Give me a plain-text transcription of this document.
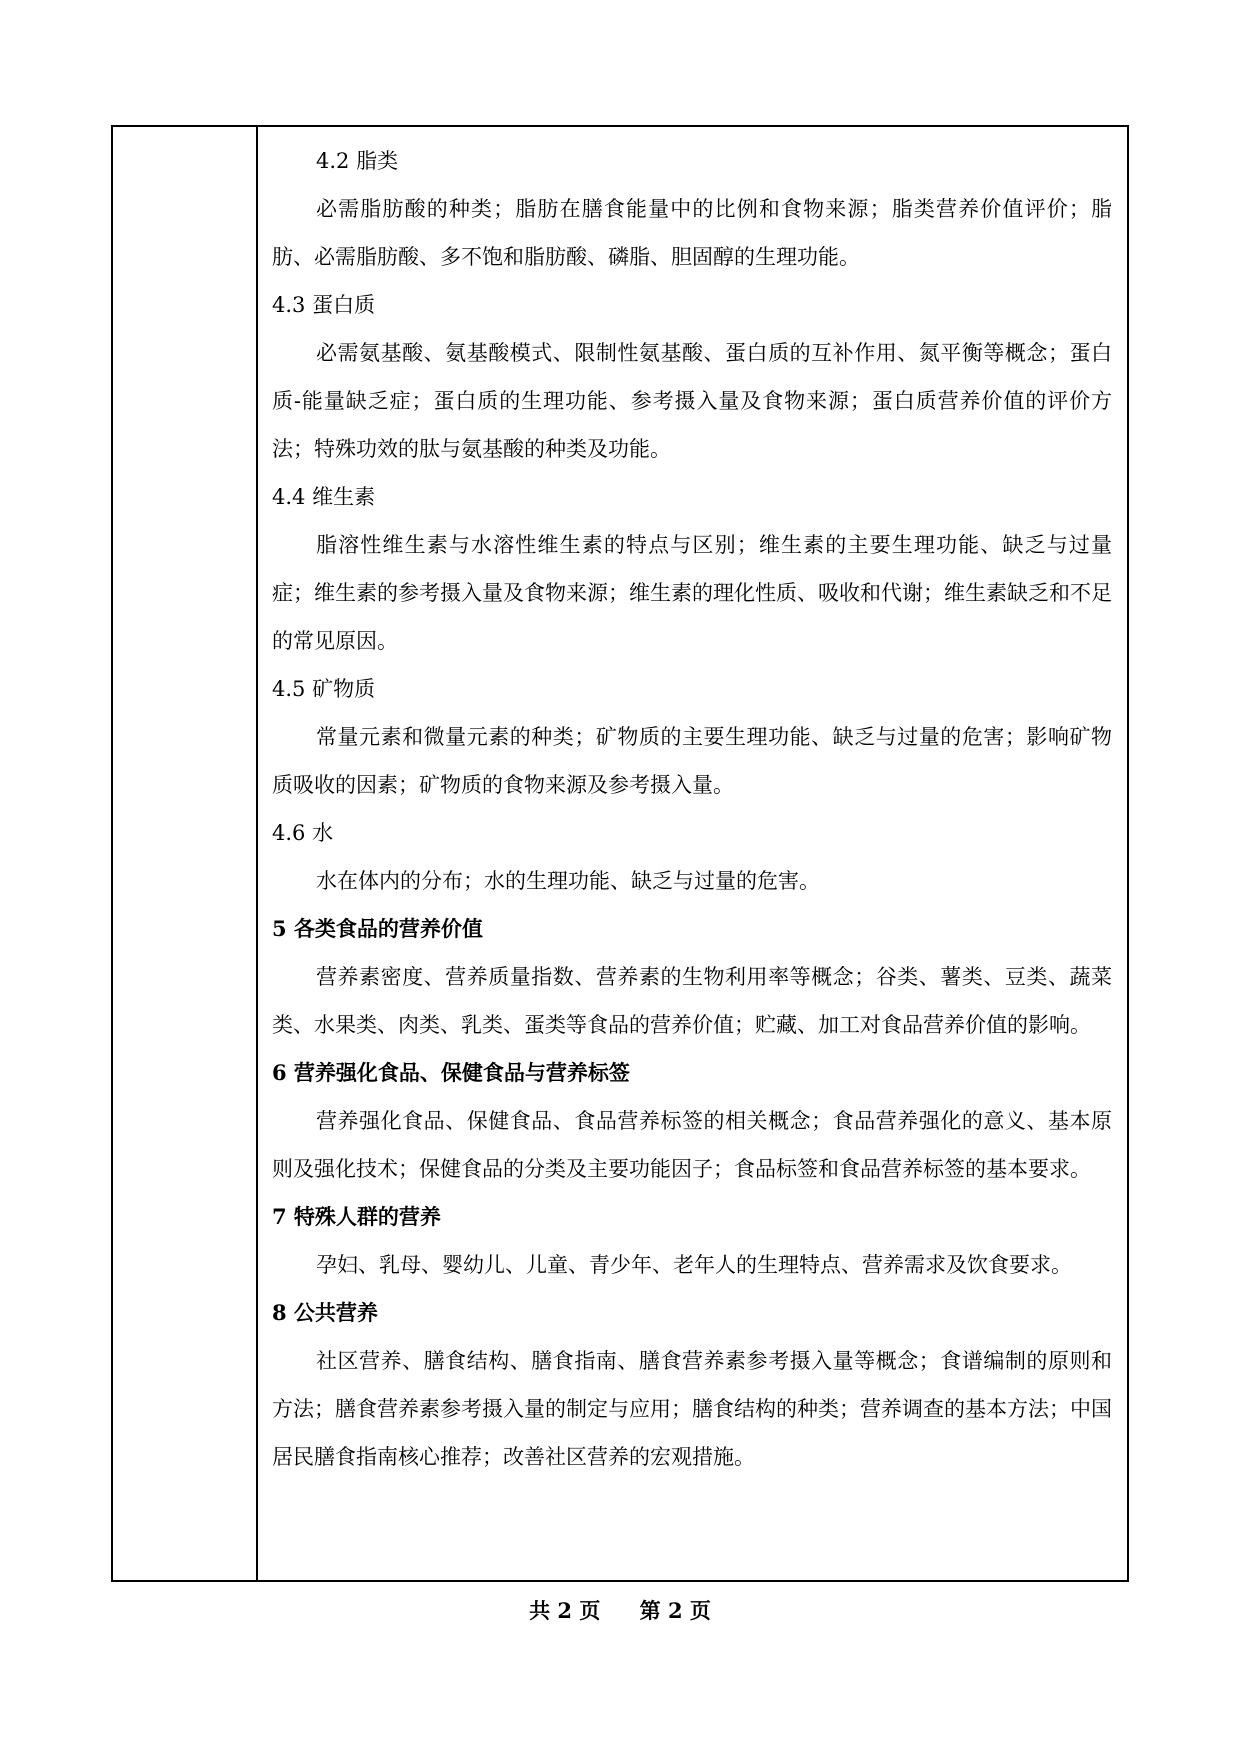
4.2 脂类

必需脂肪酸的种类；脂肪在膳食能量中的比例和食物来源；脂类营养价值评价；脂肪、必需脂肪酸、多不饱和脂肪酸、磷脂、胆固醇的生理功能。

4.3 蛋白质

必需氨基酸、氨基酸模式、限制性氨基酸、蛋白质的互补作用、氮平衡等概念；蛋白质-能量缺乏症；蛋白质的生理功能、参考摄入量及食物来源；蛋白质营养价值的评价方法；特殊功效的肽与氨基酸的种类及功能。

4.4 维生素

脂溶性维生素与水溶性维生素的特点与区别；维生素的主要生理功能、缺乏与过量症；维生素的参考摄入量及食物来源；维生素的理化性质、吸收和代谢；维生素缺乏和不足的常见原因。

4.5 矿物质

常量元素和微量元素的种类；矿物质的主要生理功能、缺乏与过量的危害；影响矿物质吸收的因素；矿物质的食物来源及参考摄入量。

4.6 水

水在体内的分布；水的生理功能、缺乏与过量的危害。

5 各类食品的营养价值

营养素密度、营养质量指数、营养素的生物利用率等概念；谷类、薯类、豆类、蔬菜类、水果类、肉类、乳类、蛋类等食品的营养价值；贮藏、加工对食品营养价值的影响。

6 营养强化食品、保健食品与营养标签

营养强化食品、保健食品、食品营养标签的相关概念；食品营养强化的意义、基本原则及强化技术；保健食品的分类及主要功能因子；食品标签和食品营养标签的基本要求。

7 特殊人群的营养

孕妇、乳母、婴幼儿、儿童、青少年、老年人的生理特点、营养需求及饮食要求。

8 公共营养

社区营养、膳食结构、膳食指南、膳食营养素参考摄入量等概念；食谱编制的原则和方法；膳食营养素参考摄入量的制定与应用；膳食结构的种类；营养调查的基本方法；中国居民膳食指南核心推荐；改善社区营养的宏观措施。

共 2 页 第 2 页
